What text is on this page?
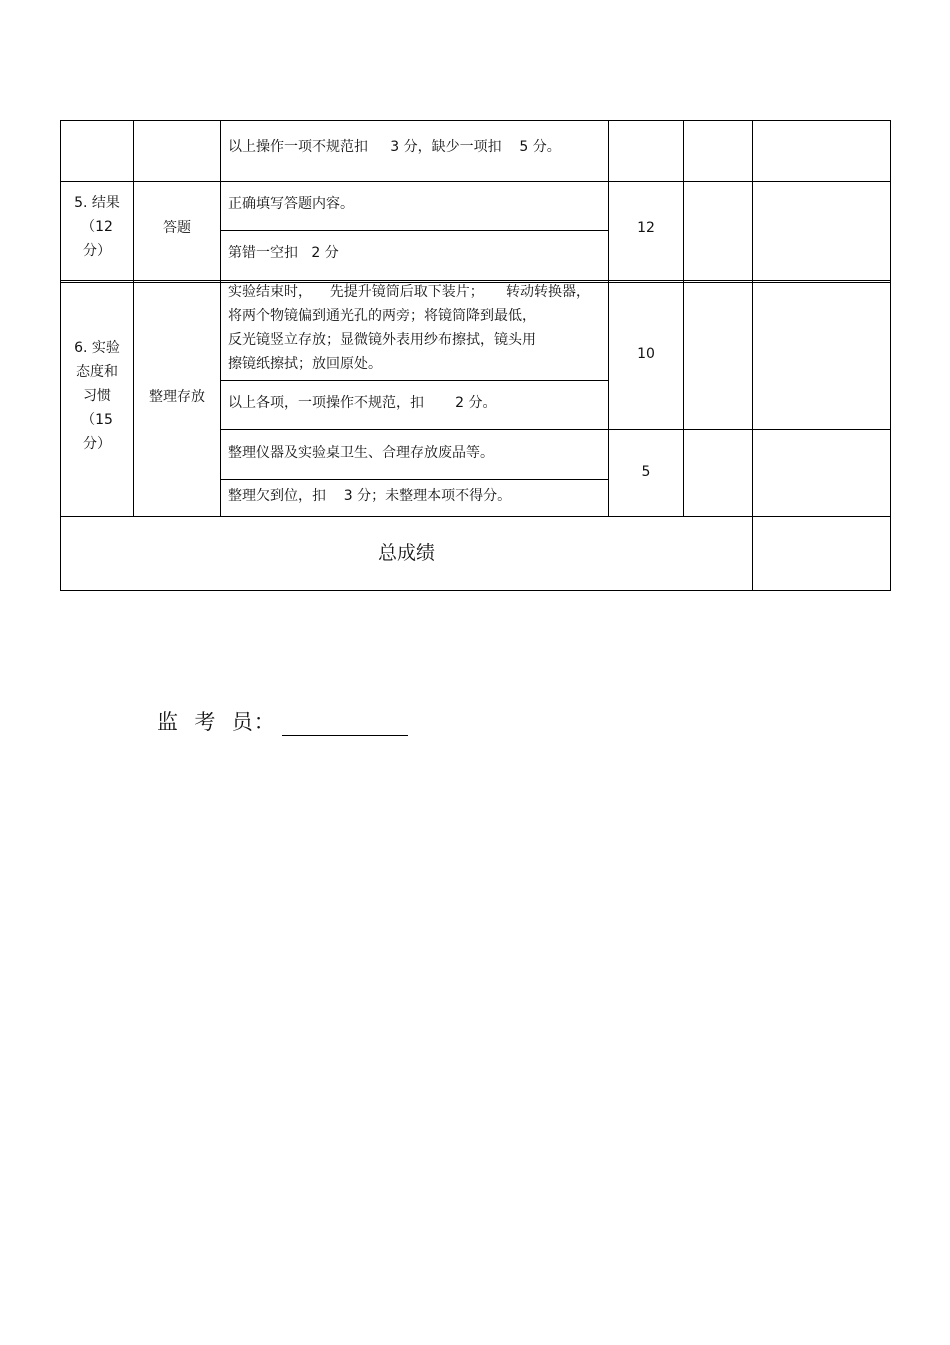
以上操作一项不规范扣     3 分，缺少一项扣    5 分。
5. 结果
（12
分）
答题
正确填写答题内容。
第错一空扣   2 分
12
6. 实验
态度和
习惯
（15
分）
整理存放
实验结束时，    先提升镜筒后取下装片；     转动转换器，
将两个物镜偏到通光孔的两旁；将镜筒降到最低，
反光镜竖立存放；显微镜外表用纱布擦拭，镜头用
擦镜纸擦拭；放回原处。
以上各项，一项操作不规范，扣       2 分。
10
整理仪器及实验桌卫生、合理存放废品等。
整理欠到位，扣    3 分；未整理本项不得分。
5
总成绩
监  考  员：
